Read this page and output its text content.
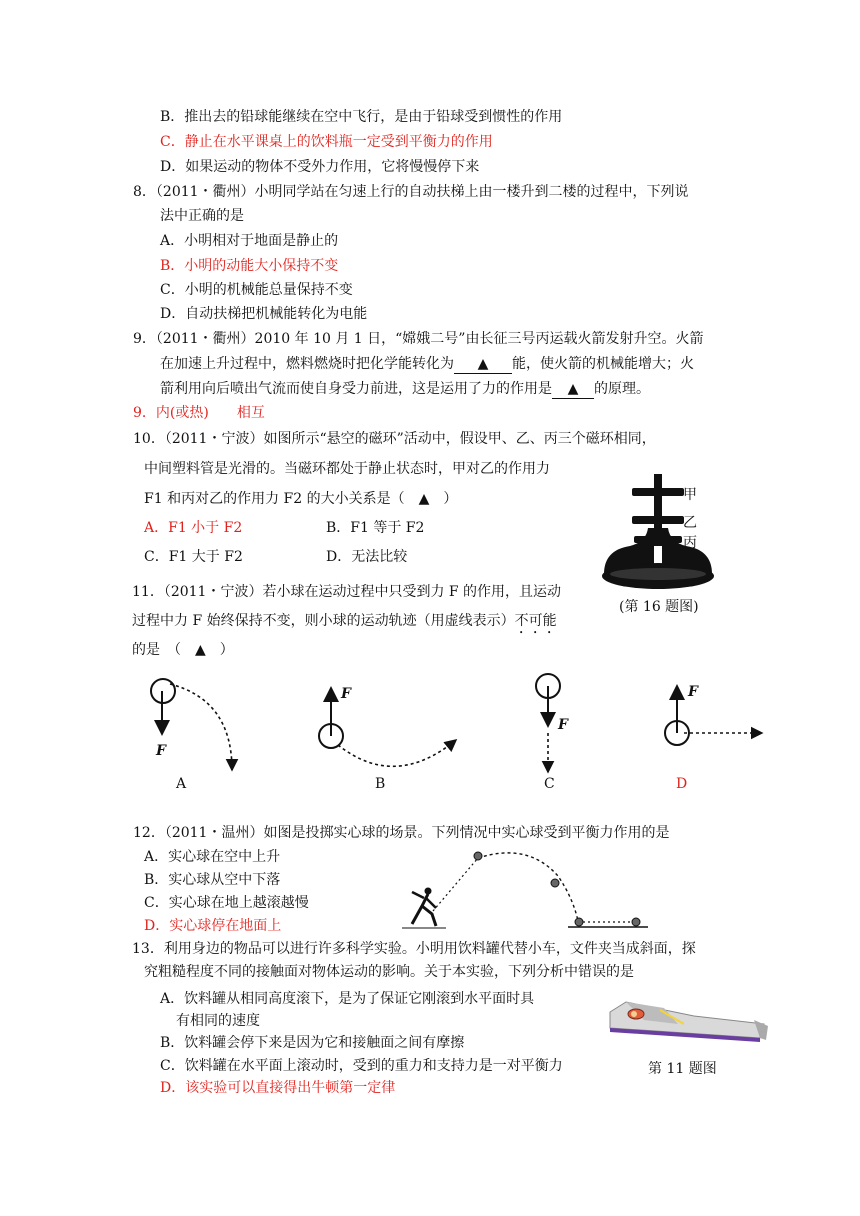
B．推出去的铅球能继续在空中飞行，是由于铅球受到惯性的作用
C．静止在水平课桌上的饮料瓶一定受到平衡力的作用
D．如果运动的物体不受外力作用，它将慢慢停下来
8．（2011・衢州）小明同学站在匀速上行的自动扶梯上由一楼升到二楼的过程中，下列说
法中正确的是
A．小明相对于地面是静止的
B．小明的动能大小保持不变
C．小明的机械能总量保持不变
D．自动扶梯把机械能转化为电能
9．（2011・衢州）2010 年 10 月 1 日，“嫦娥二号”由长征三号丙运载火箭发射升空。火箭
在加速上升过程中，燃料燃烧时把化学能转化为 ▲ 能，使火箭的机械能增大；火
箭利用向后喷出气流而使自身受力前进，这是运用了力的作用是 ▲ 的原理。
9．内(或热)　　相互
10．（2011・宁波）如图所示“悬空的磁环”活动中，假设甲、乙、丙三个磁环相同，
中间塑料管是光滑的。当磁环都处于静止状态时，甲对乙的作用力
F1 和丙对乙的作用力 F2 的大小关系是（　▲　）
A．F1 小于 F2	B．F1 等于 F2
C．F1 大于 F2	D．无法比较
甲
乙
丙
(第 16 题图)
11．（2011・宁波）若小球在运动过程中只受到力 F 的作用，且运动
过程中力 F 始终保持不变，则小球的运动轨迹（用虚线表示）不可能
的是　（　▲　）
F
F
F
F
A	B	C	D
12．（2011・温州）如图是投掷实心球的场景。下列情况中实心球受到平衡力作用的是
A．实心球在空中上升
B．实心球从空中下落
C．实心球在地上越滚越慢
D．实心球停在地面上
13．利用身边的物品可以进行许多科学实验。小明用饮料罐代替小车，文件夹当成斜面，探
究粗糙程度不同的接触面对物体运动的影响。关于本实验，下列分析中错误的是
A．饮料罐从相同高度滚下，是为了保证它刚滚到水平面时具
有相同的速度
B．饮料罐会停下来是因为它和接触面之间有摩擦
C．饮料罐在水平面上滚动时，受到的重力和支持力是一对平衡力
D．该实验可以直接得出牛顿第一定律
第 11 题图
